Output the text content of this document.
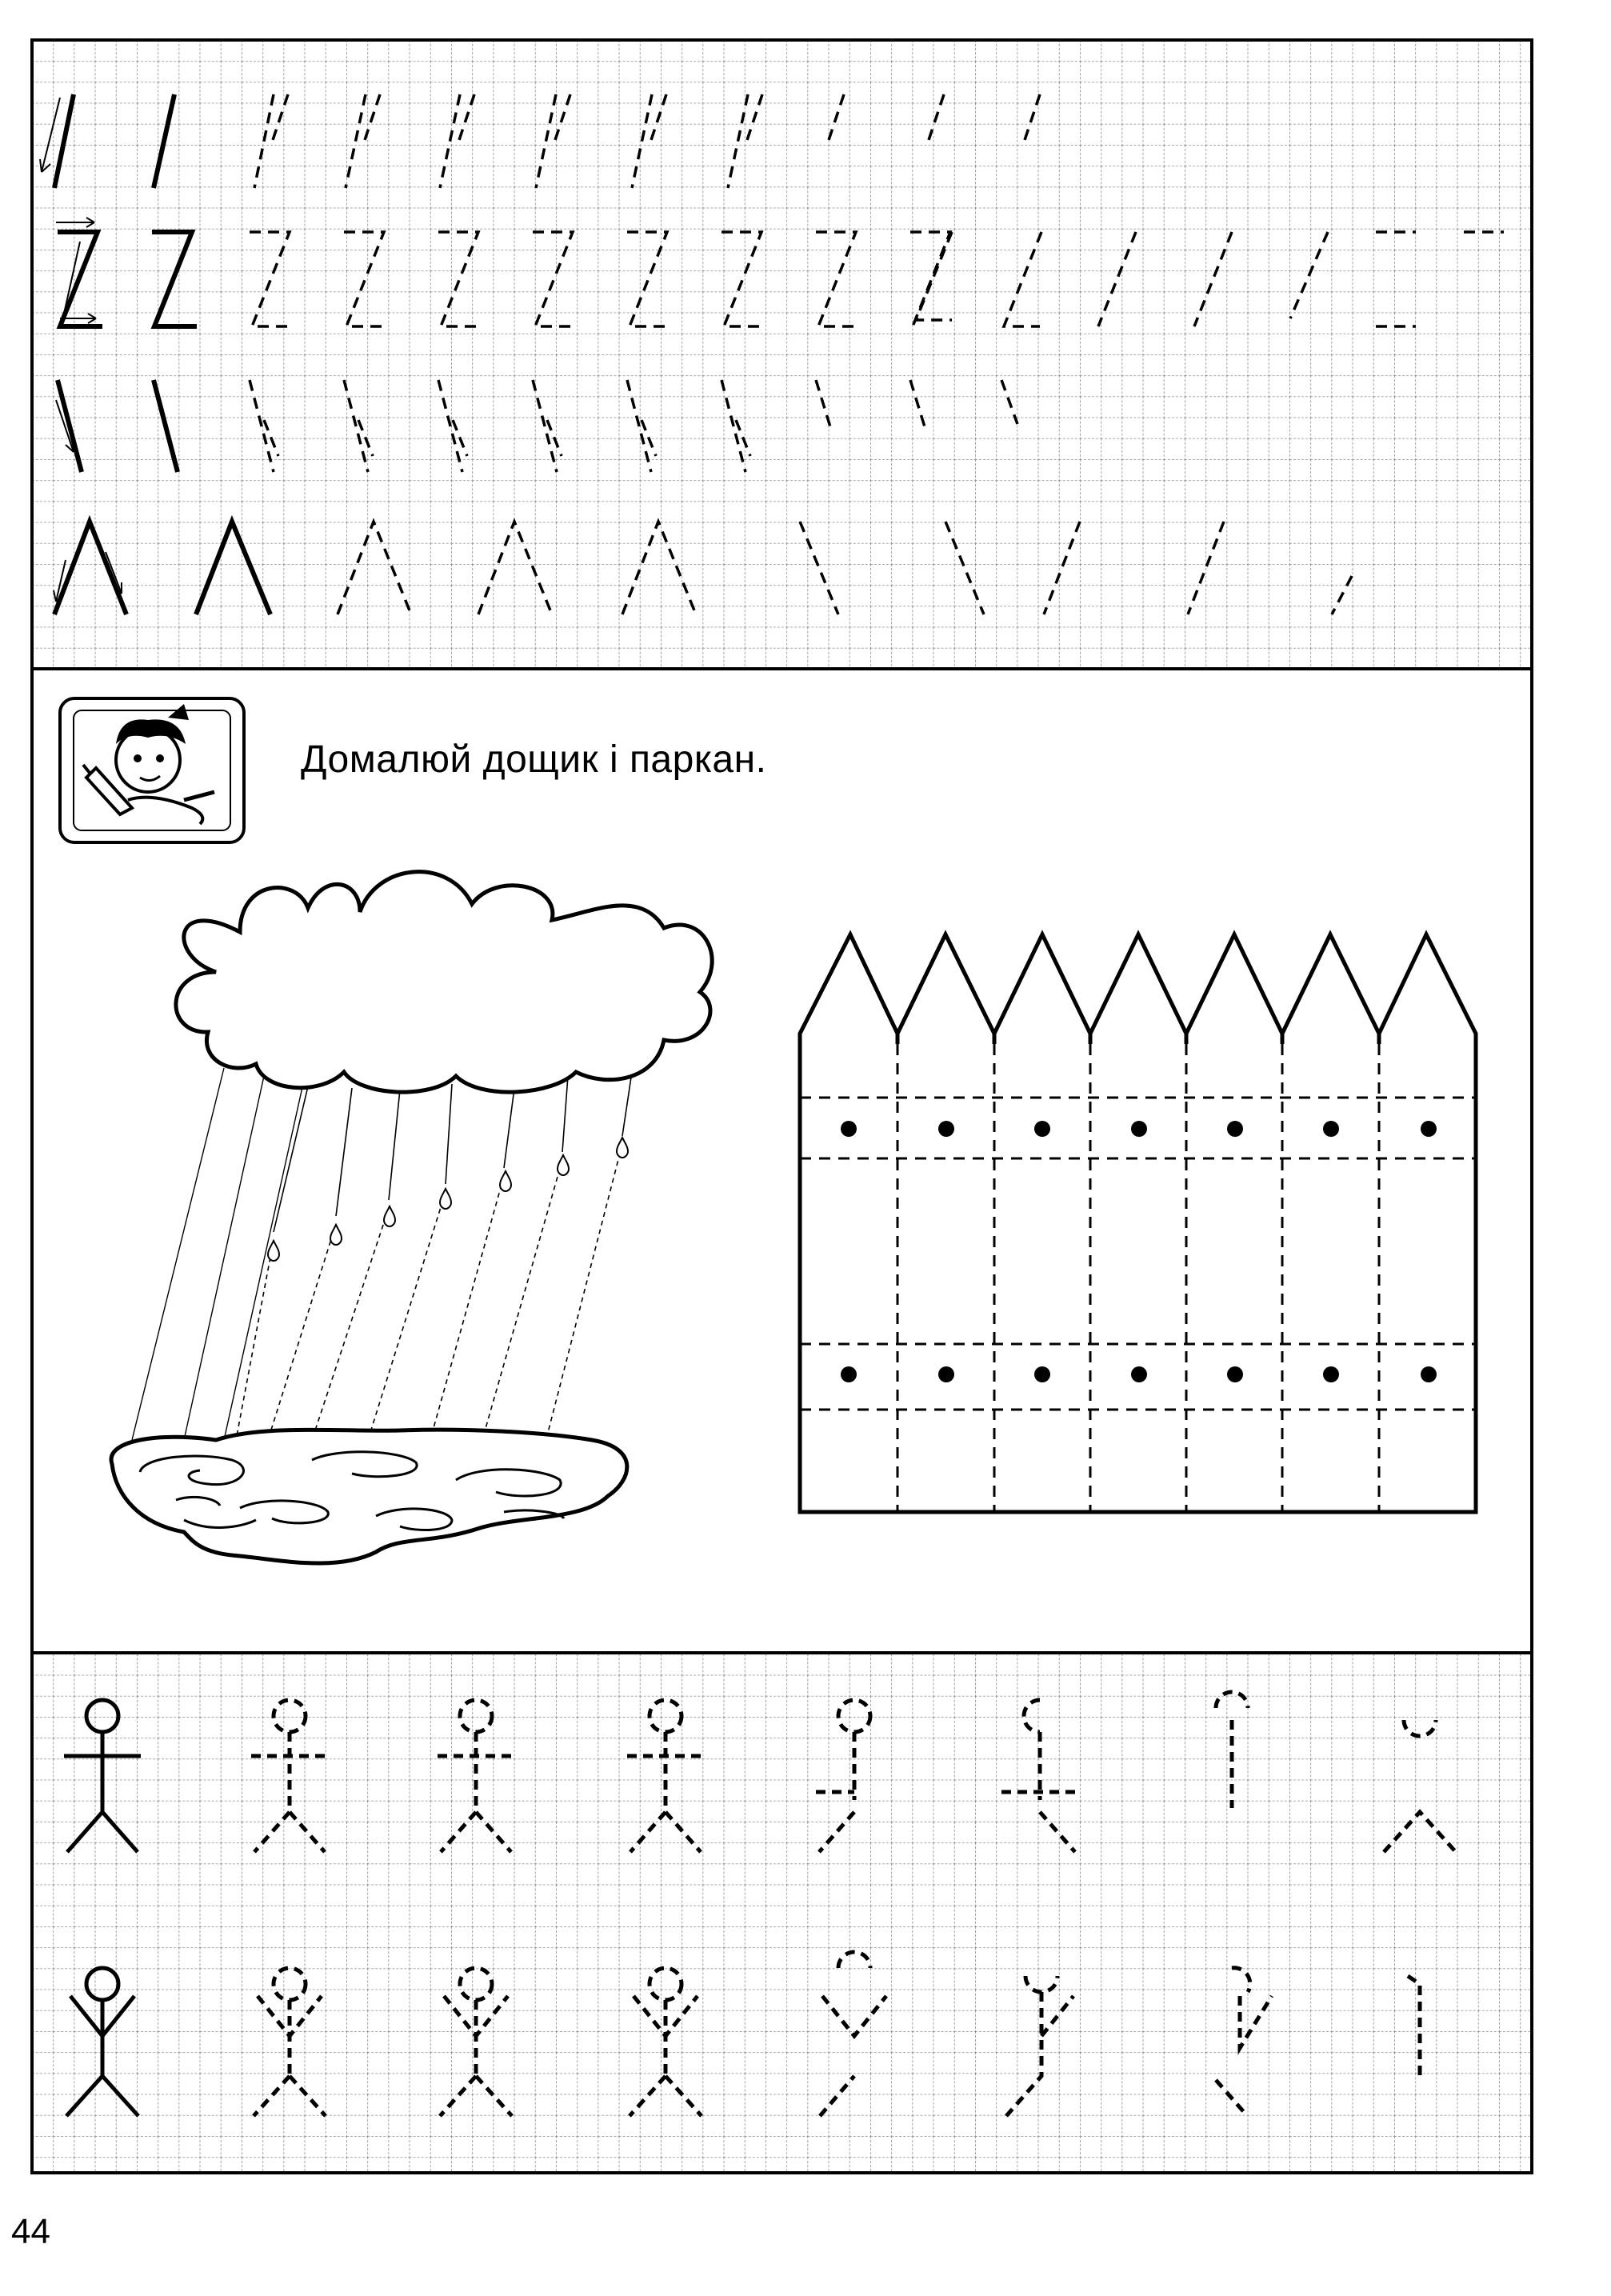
Домалюй дощик і паркан.
44
